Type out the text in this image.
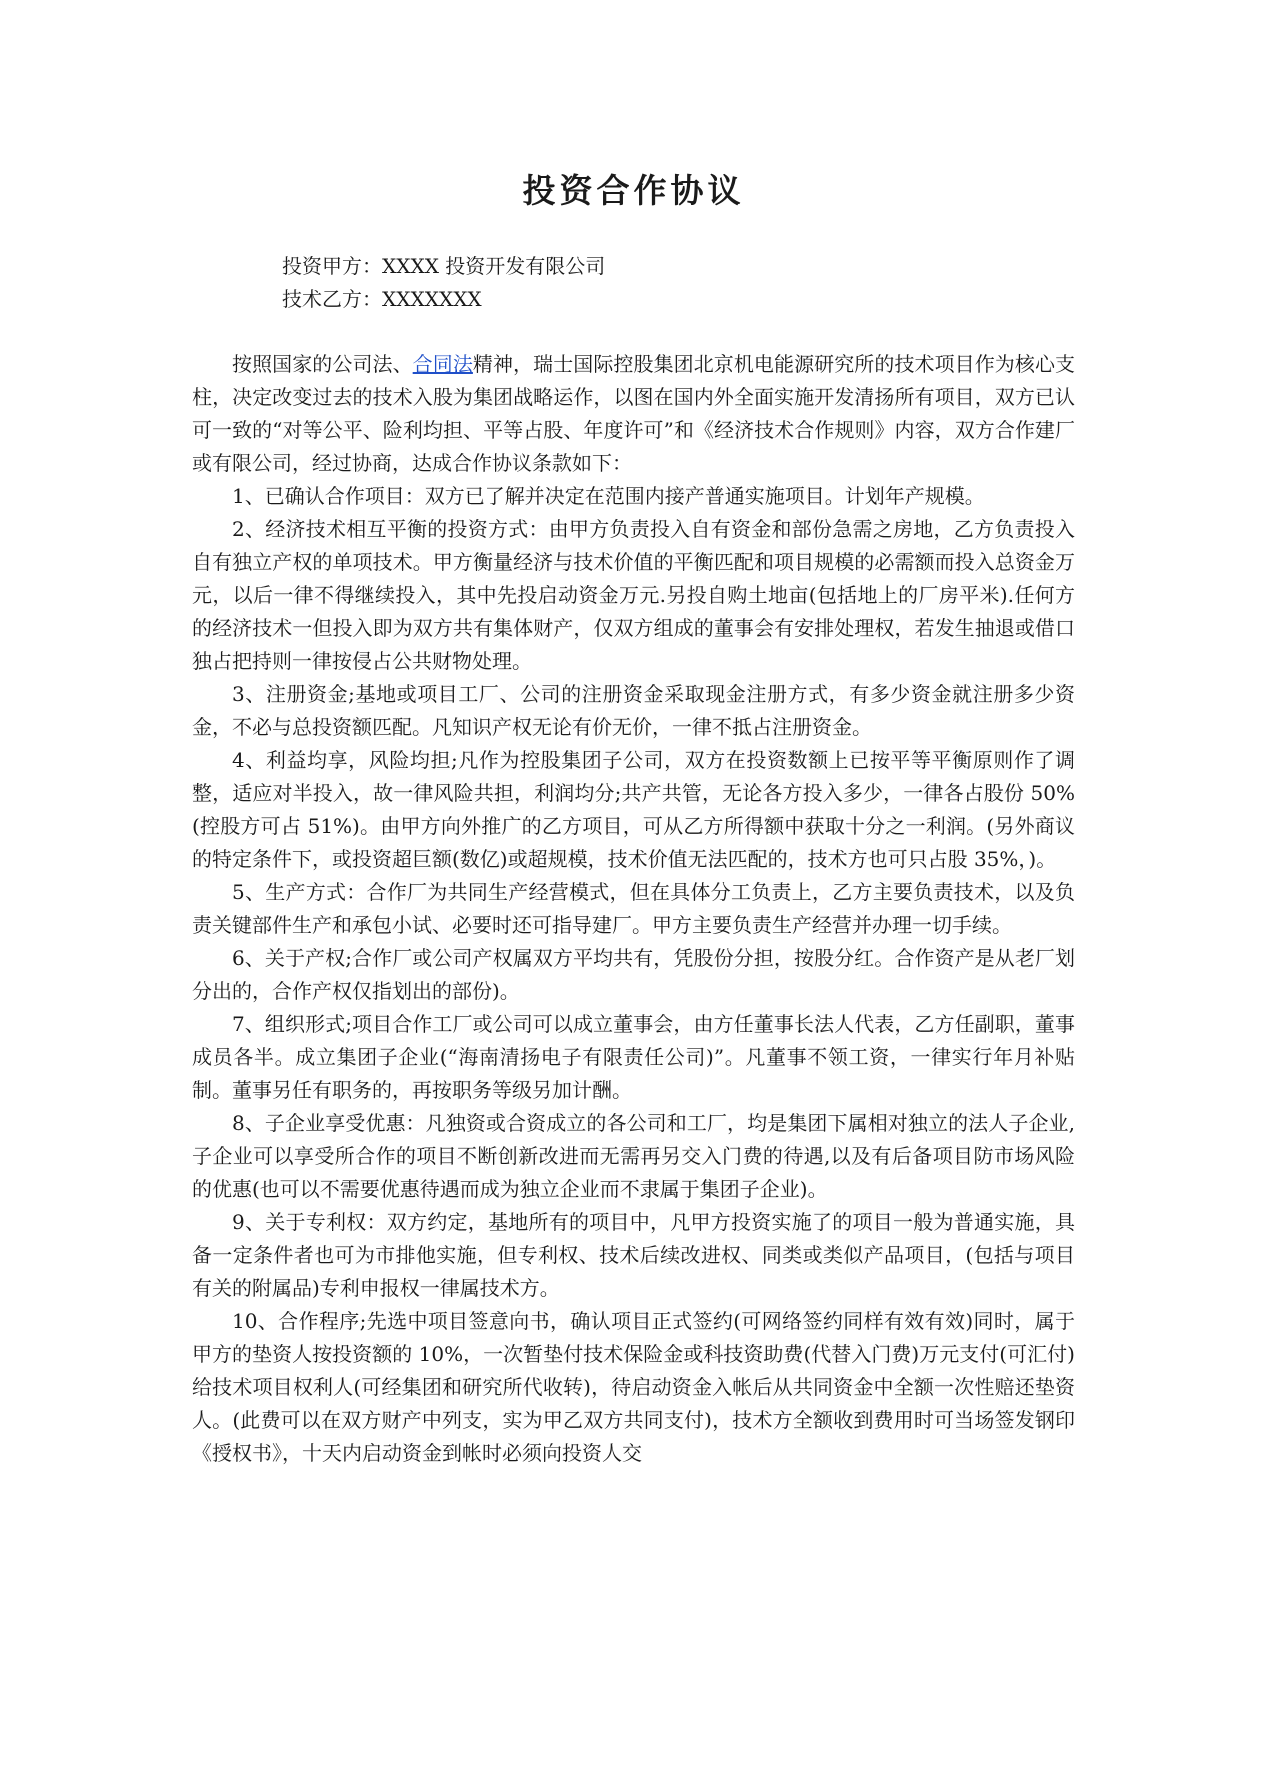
投资合作协议
投资甲方：XXXX 投资开发有限公司
技术乙方：XXXXXXX

按照国家的公司法、合同法精神，瑞士国际控股集团北京机电能源研究所的技术项目作为核心支柱，决定改变过去的技术入股为集团战略运作，以图在国内外全面实施开发清扬所有项目，双方已认可一致的“对等公平、险利均担、平等占股、年度许可”和《经济技术合作规则》内容，双方合作建厂或有限公司，经过协商，达成合作协议条款如下：

1、已确认合作项目：双方已了解并决定在范围内接产普通实施项目。计划年产规模。

2、经济技术相互平衡的投资方式：由甲方负责投入自有资金和部份急需之房地，乙方负责投入自有独立产权的单项技术。甲方衡量经济与技术价值的平衡匹配和项目规模的必需额而投入总资金万元，以后一律不得继续投入，其中先投启动资金万元.另投自购土地亩(包括地上的厂房平米).任何方的经济技术一但投入即为双方共有集体财产，仅双方组成的董事会有安排处理权，若发生抽退或借口独占把持则一律按侵占公共财物处理。

3、注册资金;基地或项目工厂、公司的注册资金采取现金注册方式，有多少资金就注册多少资金，不必与总投资额匹配。凡知识产权无论有价无价，一律不抵占注册资金。

4、利益均享，风险均担;凡作为控股集团子公司，双方在投资数额上已按平等平衡原则作了调整，适应对半投入，故一律风险共担，利润均分;共产共管，无论各方投入多少，一律各占股份 50%(控股方可占 51%)。由甲方向外推广的乙方项目，可从乙方所得额中获取十分之一利润。(另外商议的特定条件下，或投资超巨额(数亿)或超规模，技术价值无法匹配的，技术方也可只占股 35%，)。

5、生产方式：合作厂为共同生产经营模式，但在具体分工负责上，乙方主要负责技术，以及负责关键部件生产和承包小试、必要时还可指导建厂。甲方主要负责生产经营并办理一切手续。

6、关于产权;合作厂或公司产权属双方平均共有，凭股份分担，按股分红。合作资产是从老厂划分出的，合作产权仅指划出的部份)。

7、组织形式;项目合作工厂或公司可以成立董事会，由方任董事长法人代表，乙方任副职，董事成员各半。成立集团子企业(“海南清扬电子有限责任公司)”。凡董事不领工资，一律实行年月补贴制。董事另任有职务的，再按职务等级另加计酬。

8、子企业享受优惠：凡独资或合资成立的各公司和工厂，均是集团下属相对独立的法人子企业,子企业可以享受所合作的项目不断创新改进而无需再另交入门费的待遇,以及有后备项目防市场风险的优惠(也可以不需要优惠待遇而成为独立企业而不隶属于集团子企业)。

9、关于专利权：双方约定，基地所有的项目中，凡甲方投资实施了的项目一般为普通实施，具备一定条件者也可为市排他实施，但专利权、技术后续改进权、同类或类似产品项目，(包括与项目有关的附属品)专利申报权一律属技术方。

10、合作程序;先选中项目签意向书，确认项目正式签约(可网络签约同样有效有效)同时，属于甲方的垫资人按投资额的 10%，一次暂垫付技术保险金或科技资助费(代替入门费)万元支付(可汇付)给技术项目权利人(可经集团和研究所代收转)，待启动资金入帐后从共同资金中全额一次性赔还垫资人。(此费可以在双方财产中列支，实为甲乙双方共同支付)，技术方全额收到费用时可当场签发钢印《授权书》，十天内启动资金到帐时必须向投资人交
